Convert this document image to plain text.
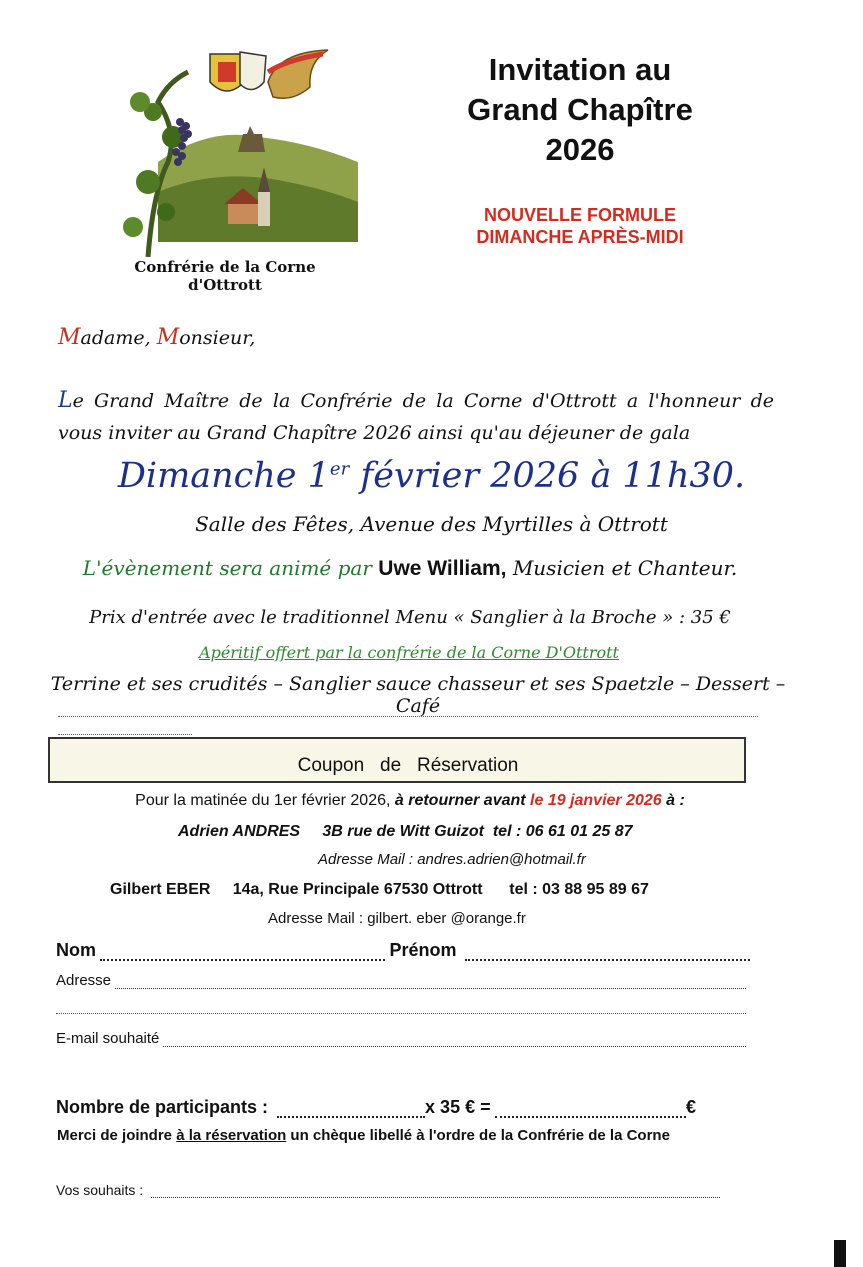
Confrérie de la Corne d'Ottrott
Invitation au
Grand Chapître
2026
NOUVELLE FORMULE
DIMANCHE APRÈS-MIDI
Madame, Monsieur,
Le Grand Maître de la Confrérie de la Corne d'Ottrott a l'honneur de vous inviter au Grand Chapître 2026 ainsi qu'au déjeuner de gala
Dimanche 1er février 2026 à 11h30.
Salle des Fêtes, Avenue des Myrtilles à Ottrott
L'évènement sera animé par Uwe William, Musicien et Chanteur.
Prix d'entrée avec le traditionnel Menu « Sanglier à la Broche » : 35 €
Apéritif offert par la confrérie de la Corne D'Ottrott
Terrine et ses crudités – Sanglier sauce chasseur et ses Spaetzle – Dessert – Café
Coupon   de   Réservation
Pour la matinée du 1er février 2026, à retourner avant le 19 janvier 2026 à :
Adrien ANDRES     3B rue de Witt Guizot  tel : 06 61 01 25 87
Adresse Mail : andres.adrien@hotmail.fr
Gilbert EBER     14a, Rue Principale 67530 Ottrott      tel : 03 88 95 89 67
Adresse Mail : gilbert. eber @orange.fr
Nom	Prénom
Adresse
E-mail souhaité
Nombre de participants :	x 35 € =	€
Merci de joindre à la réservation un chèque libellé à l'ordre de la Confrérie de la Corne
Vos souhaits :
